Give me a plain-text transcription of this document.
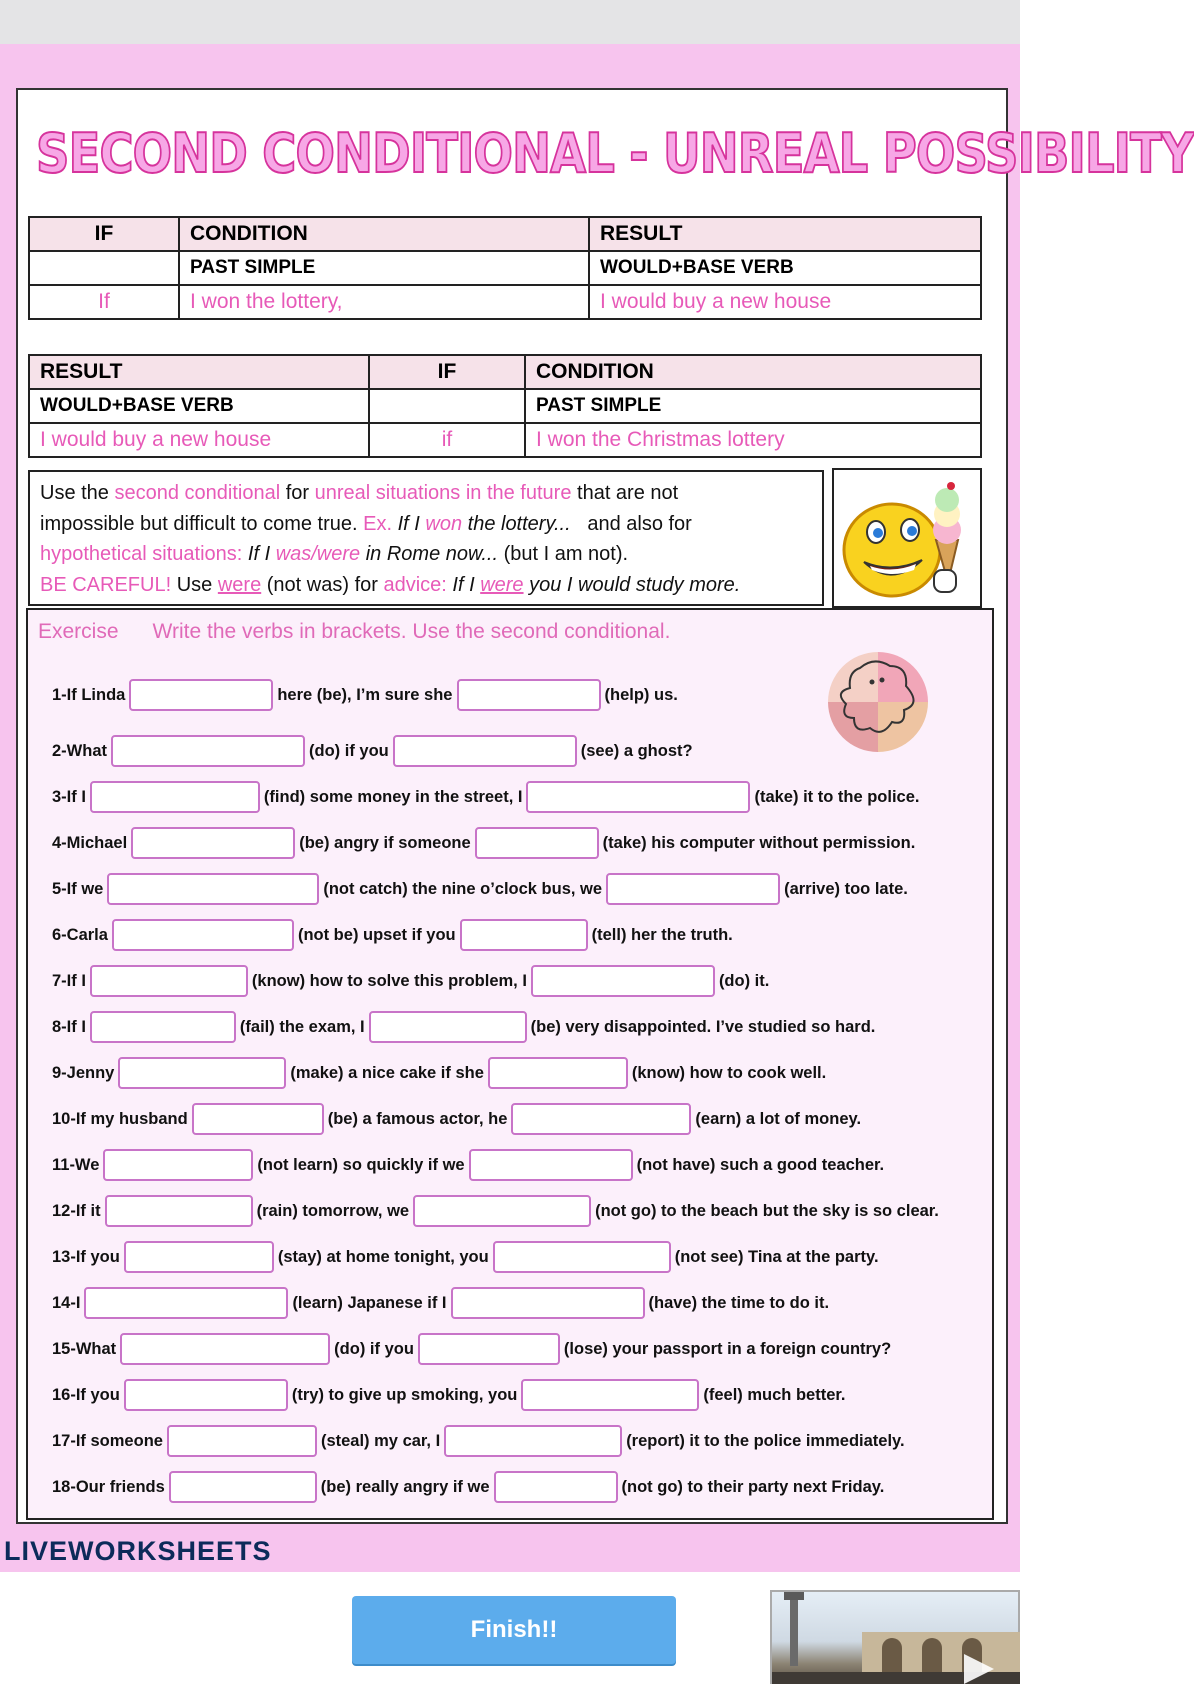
SECOND CONDITIONAL - UNREAL POSSIBILITY
IF	CONDITION	RESULT
	PAST SIMPLE	WOULD+BASE VERB
If	I won the lottery,	I would buy a new house
RESULT	IF	CONDITION
WOULD+BASE VERB		PAST SIMPLE
I would buy a new house	if	I won the Christmas lottery
Use the second conditional for unreal situations in the future that are not
impossible but difficult to come true. Ex. If I won the lottery...   and also for
hypothetical situations: If I was/were in Rome now... (but I am not).
BE CAREFUL! Use were (not was) for advice: If I were you I would study more.
Exercise Write the verbs in brackets. Use the second conditional.
1-If Linda	here (be), I’m sure she	(help) us.
2-What	(do) if you	(see) a ghost?
3-If I	(find) some money in the street, I	(take) it to the police.
4-Michael	(be) angry if someone	(take) his computer without permission.
5-If we	(not catch) the nine o’clock bus, we	(arrive) too late.
6-Carla	(not be) upset if you	(tell) her the truth.
7-If I	(know) how to solve this problem, I	(do) it.
8-If I	(fail) the exam, I	(be) very disappointed. I’ve studied so hard.
9-Jenny	(make) a nice cake if she	(know) how to cook well.
10-If my husband	(be) a famous actor, he	(earn) a lot of money.
11-We	(not learn) so quickly if we	(not have) such a good teacher.
12-If it	(rain) tomorrow, we	(not go) to the beach but the sky is so clear.
13-If you	(stay) at home tonight, you	(not see) Tina at the party.
14-I	(learn) Japanese if I	(have) the time to do it.
15-What	(do) if you	(lose) your passport in a foreign country?
16-If you	(try) to give up smoking, you	(feel) much better.
17-If someone	(steal) my car, I	(report) it to the police immediately.
18-Our friends	(be) really angry if we	(not go) to their party next Friday.
LIVEWORKSHEETS
Finish!!
